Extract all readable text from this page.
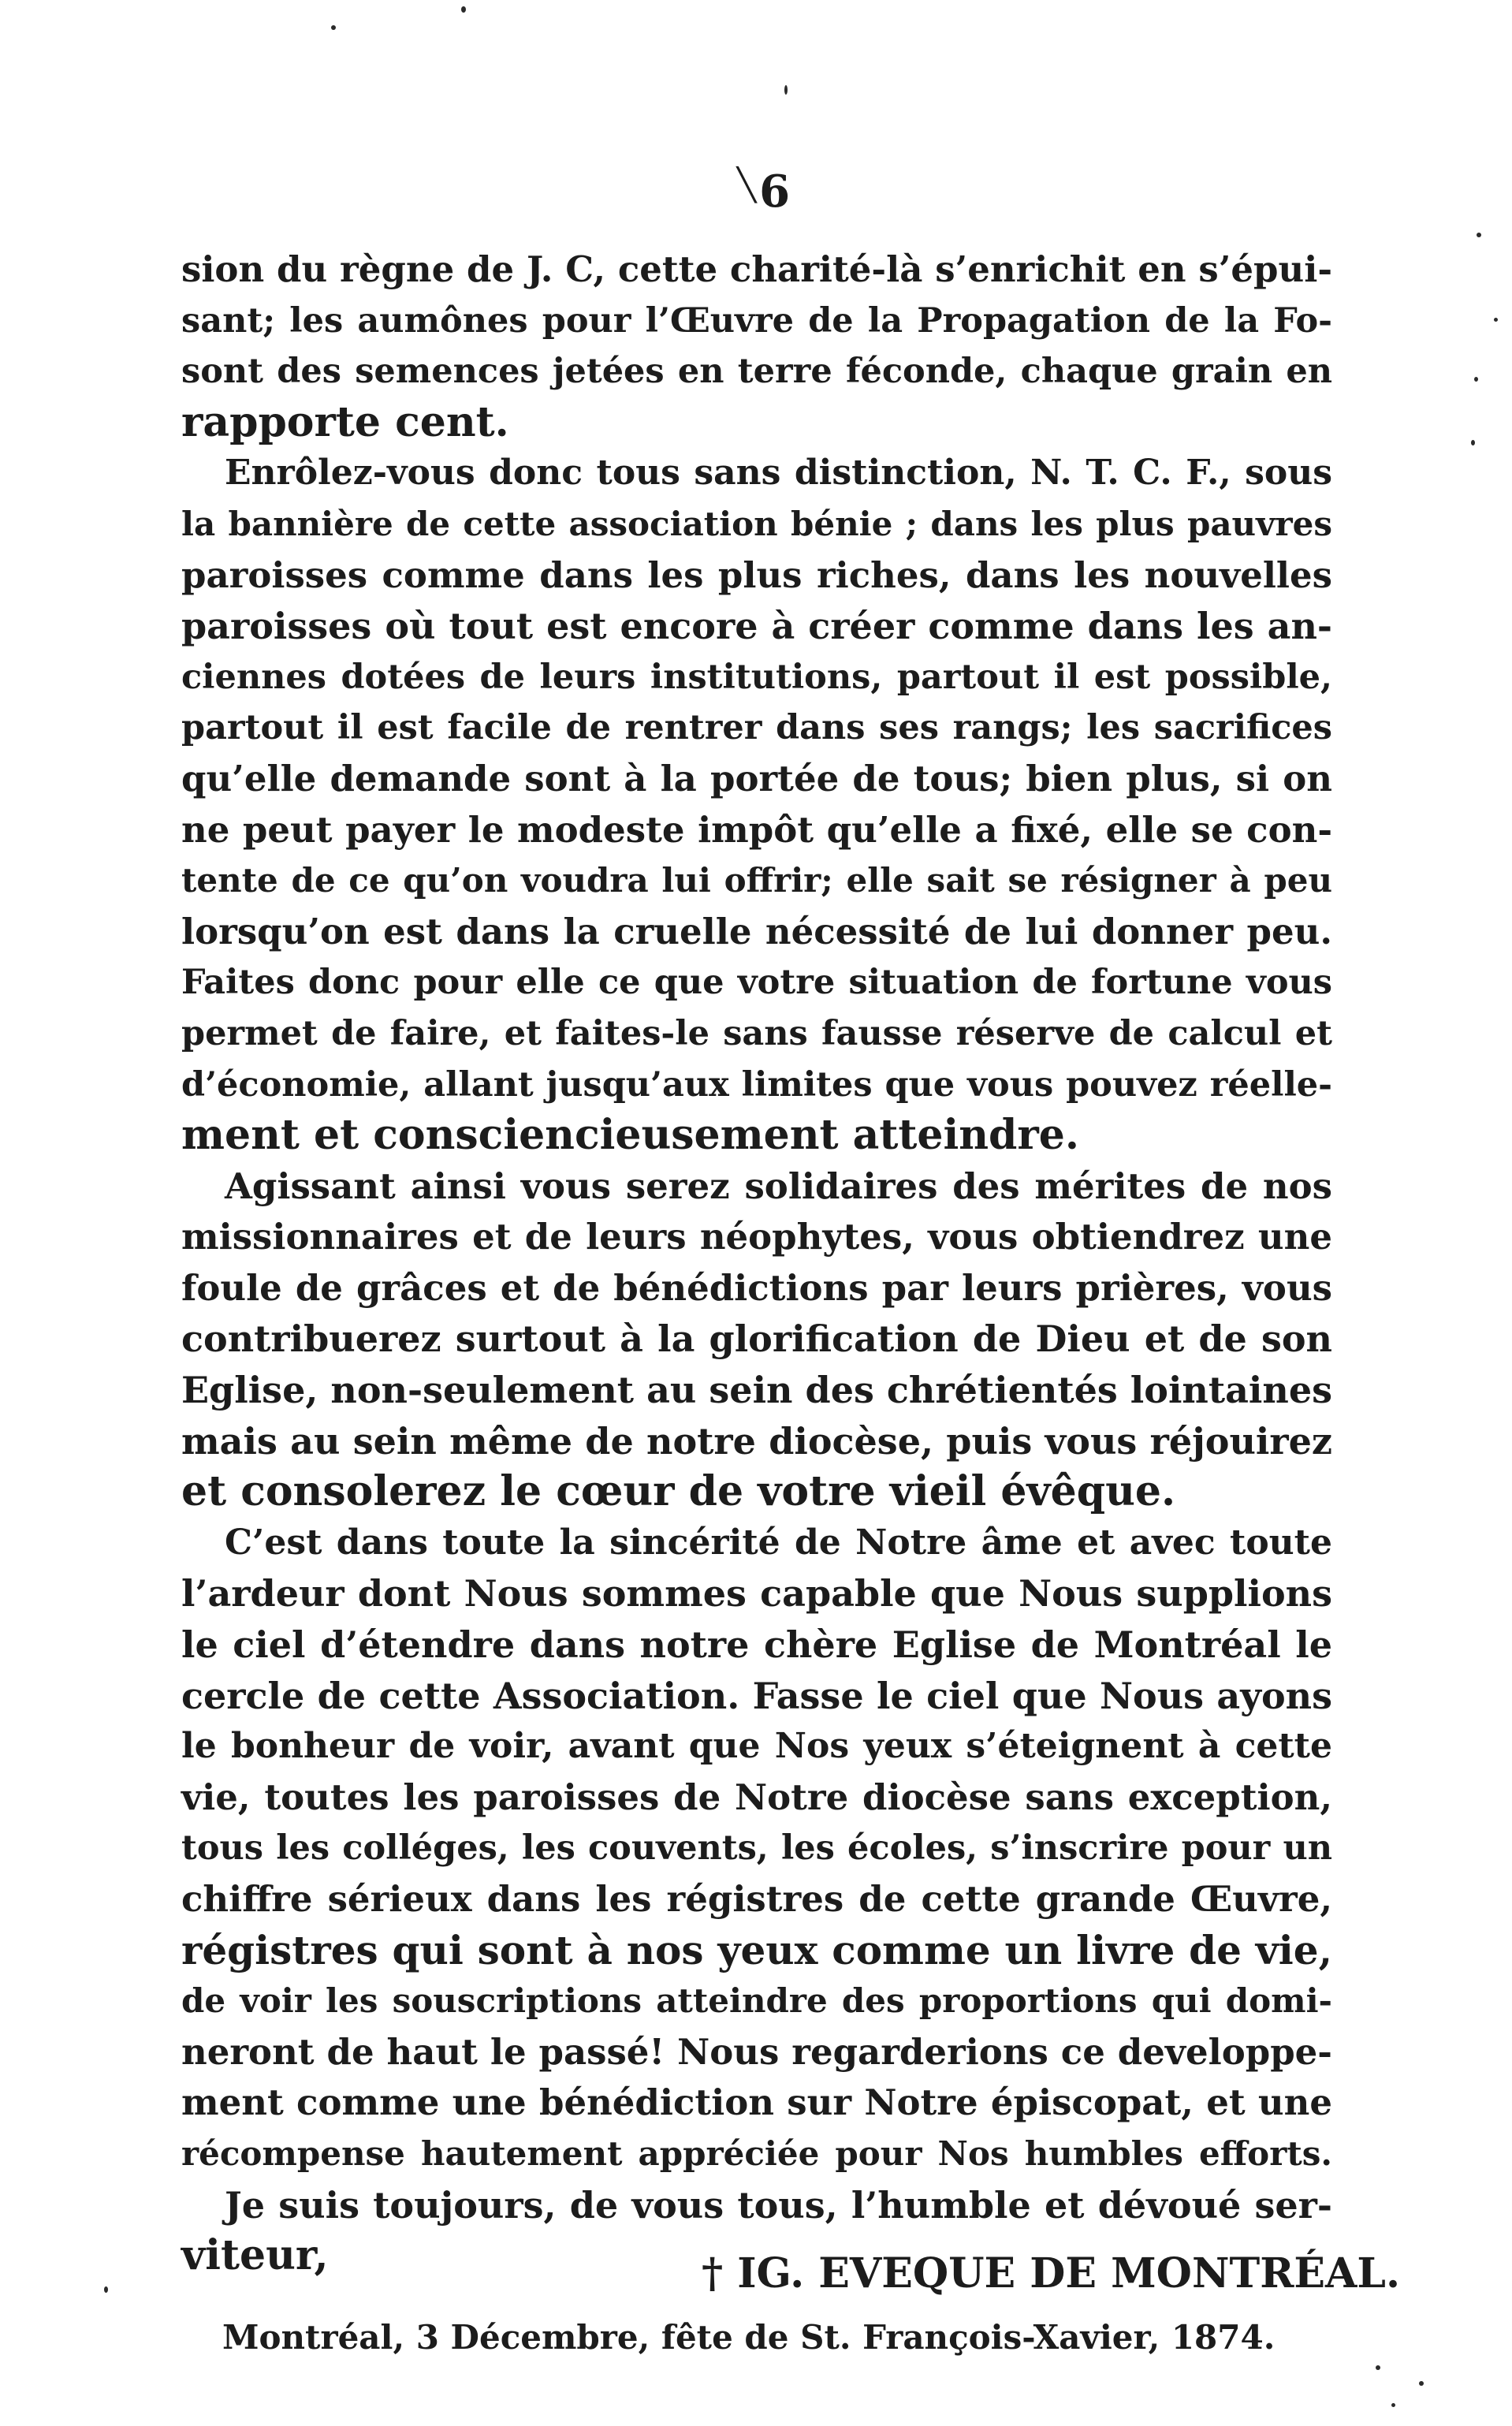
╲6
sion du règne de J. C, cette charité-là s’enrichit en s’épui-
sant; les aumônes pour l’Œuvre de la Propagation de la Fo-
sont des semences jetées en terre féconde, chaque grain en
rapporte cent.
Enrôlez-vous donc tous sans distinction, N. T. C. F., sous
la bannière de cette association bénie ; dans les plus pauvres
paroisses comme dans les plus riches, dans les nouvelles
paroisses où tout est encore à créer comme dans les an-
ciennes dotées de leurs institutions, partout il est possible,
partout il est facile de rentrer dans ses rangs; les sacrifices
qu’elle demande sont à la portée de tous; bien plus, si on
ne peut payer le modeste impôt qu’elle a fixé, elle se con-
tente de ce qu’on voudra lui offrir; elle sait se résigner à peu
lorsqu’on est dans la cruelle nécessité de lui donner peu.
Faites donc pour elle ce que votre situation de fortune vous
permet de faire, et faites-le sans fausse réserve de calcul et
d’économie, allant jusqu’aux limites que vous pouvez réelle-
ment et consciencieusement atteindre.
Agissant ainsi vous serez solidaires des mérites de nos
missionnaires et de leurs néophytes, vous obtiendrez une
foule de grâces et de bénédictions par leurs prières, vous
contribuerez surtout à la glorification de Dieu et de son
Eglise, non-seulement au sein des chrétientés lointaines
mais au sein même de notre diocèse, puis vous réjouirez
et consolerez le cœur de votre vieil évêque.
C’est dans toute la sincérité de Notre âme et avec toute
l’ardeur dont Nous sommes capable que Nous supplions
le ciel d’étendre dans notre chère Eglise de Montréal le
cercle de cette Association. Fasse le ciel que Nous ayons
le bonheur de voir, avant que Nos yeux s’éteignent à cette
vie, toutes les paroisses de Notre diocèse sans exception,
tous les colléges, les couvents, les écoles, s’inscrire pour un
chiffre sérieux dans les régistres de cette grande Œuvre,
régistres qui sont à nos yeux comme un livre de vie,
de voir les souscriptions atteindre des proportions qui domi-
neront de haut le passé! Nous regarderions ce developpe-
ment comme une bénédiction sur Notre épiscopat, et une
récompense hautement appréciée pour Nos humbles efforts.
Je suis toujours, de vous tous, l’humble et dévoué ser-
viteur,	† IG. EVEQUE DE MONTRÉAL.
Montréal, 3 Décembre, fête de St. François-Xavier, 1874.
